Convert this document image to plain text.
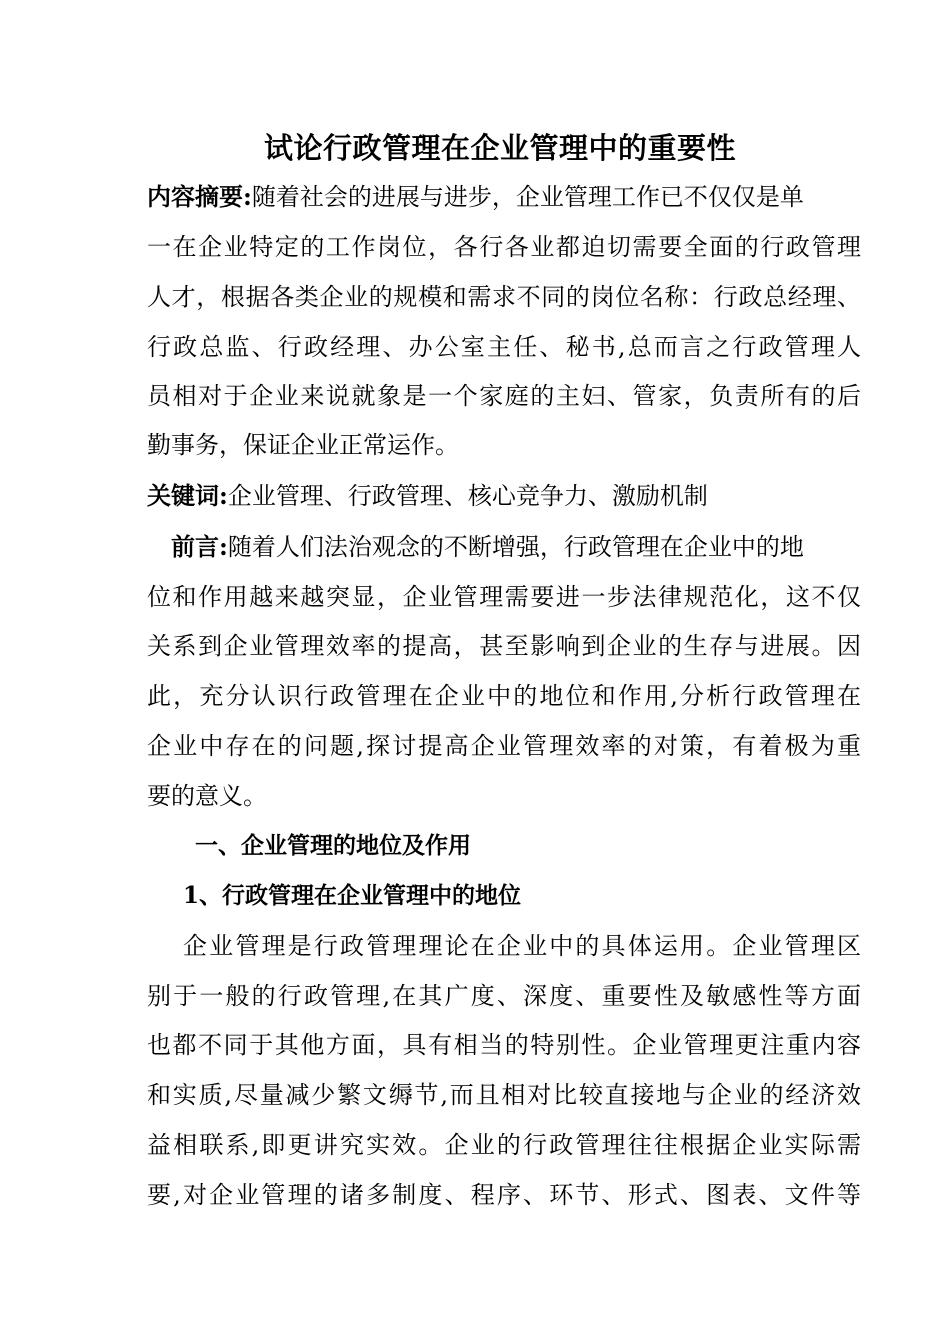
试论行政管理在企业管理中的重要性
内容摘要:随着社会的进展与进步，企业管理工作已不仅仅是单
一在企业特定的工作岗位，各行各业都迫切需要全面的行政管理
人才，根据各类企业的规模和需求不同的岗位名称：行政总经理、
行政总监、行政经理、办公室主任、秘书,总而言之行政管理人
员相对于企业来说就象是一个家庭的主妇、管家，负责所有的后
勤事务，保证企业正常运作。
关键词:企业管理、行政管理、核心竞争力、激励机制
前言:随着人们法治观念的不断增强，行政管理在企业中的地
位和作用越来越突显，企业管理需要进一步法律规范化，这不仅
关系到企业管理效率的提高，甚至影响到企业的生存与进展。因
此，充分认识行政管理在企业中的地位和作用,分析行政管理在
企业中存在的问题,探讨提高企业管理效率的对策，有着极为重
要的意义。
一、企业管理的地位及作用
1、行政管理在企业管理中的地位
企业管理是行政管理理论在企业中的具体运用。企业管理区
别于一般的行政管理,在其广度、深度、重要性及敏感性等方面
也都不同于其他方面，具有相当的特别性。企业管理更注重内容
和实质,尽量减少繁文缛节,而且相对比较直接地与企业的经济效
益相联系,即更讲究实效。企业的行政管理往往根据企业实际需
要,对企业管理的诸多制度、程序、环节、形式、图表、文件等
